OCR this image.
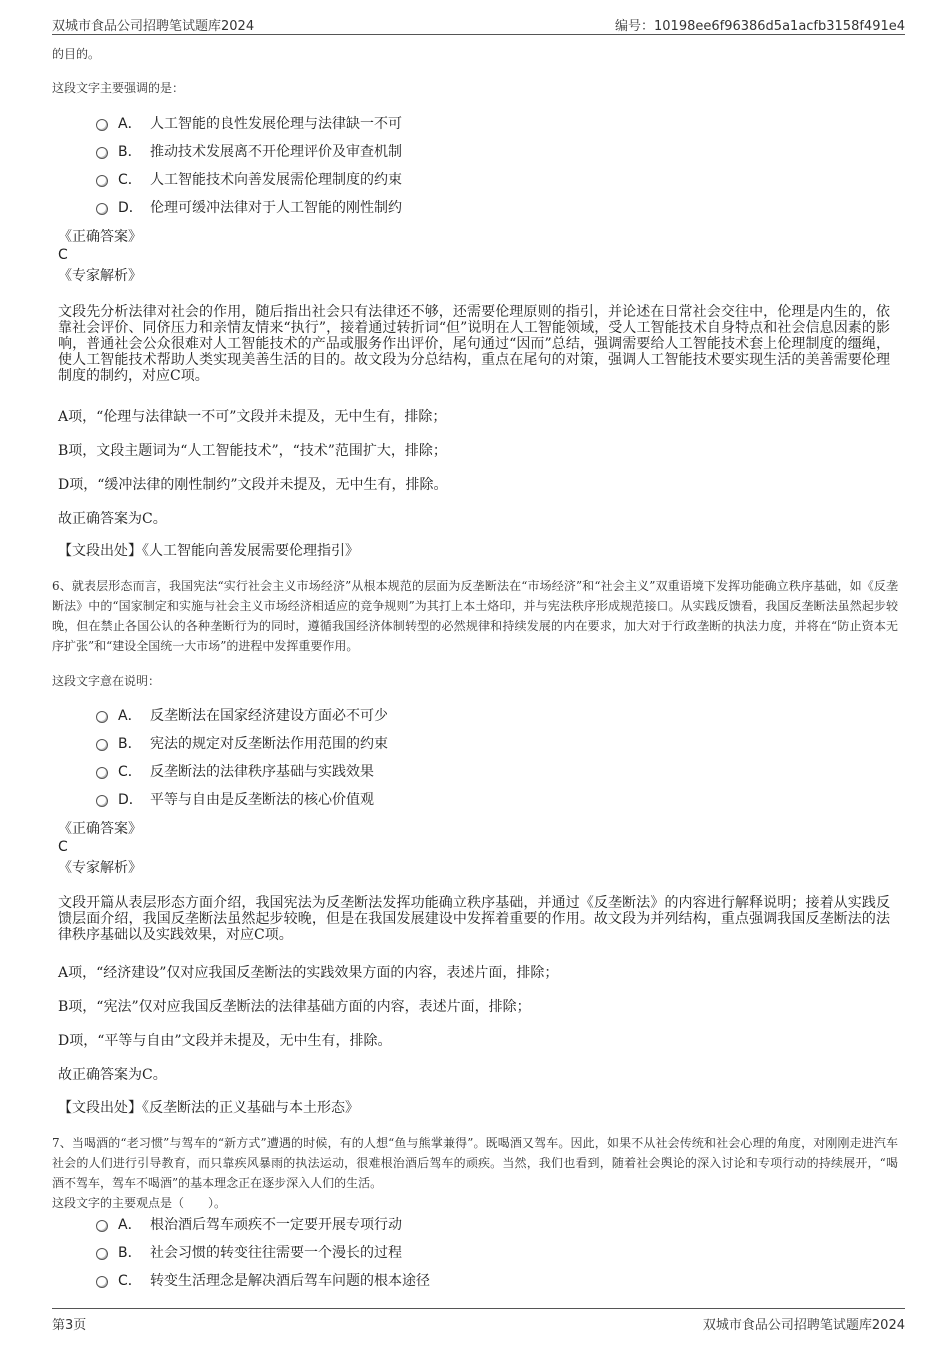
双城市食品公司招聘笔试题库2024	编号：10198ee6f96386d5a1acfb3158f491e4
的目的。
这段文字主要强调的是：
A． 人工智能的良性发展伦理与法律缺一不可
B． 推动技术发展离不开伦理评价及审查机制
C． 人工智能技术向善发展需伦理制度的约束
D． 伦理可缓冲法律对于人工智能的刚性制约
《正确答案》
C
《专家解析》
文段先分析法律对社会的作用，随后指出社会只有法律还不够，还需要伦理原则的指引，并论述在日常社会交往中，伦理是内生的，依靠社会评价、同侪压力和亲情友情来“执行”，接着通过转折词“但”说明在人工智能领域，受人工智能技术自身特点和社会信息因素的影响，普通社会公众很难对人工智能技术的产品或服务作出评价，尾句通过“因而”总结，强调需要给人工智能技术套上伦理制度的缰绳，使人工智能技术帮助人类实现美善生活的目的。故文段为分总结构，重点在尾句的对策，强调人工智能技术要实现生活的美善需要伦理制度的制约，对应C项。
A项，“伦理与法律缺一不可”文段并未提及，无中生有，排除；
B项，文段主题词为“人工智能技术”，“技术”范围扩大，排除；
D项，“缓冲法律的刚性制约”文段并未提及，无中生有，排除。
故正确答案为C。
【文段出处】《人工智能向善发展需要伦理指引》
6、就表层形态而言，我国宪法“实行社会主义市场经济”从根本规范的层面为反垄断法在“市场经济”和“社会主义”双重语境下发挥功能确立秩序基础，如《反垄断法》中的“国家制定和实施与社会主义市场经济相适应的竞争规则”为其打上本土烙印，并与宪法秩序形成规范接口。从实践反馈看，我国反垄断法虽然起步较晚，但在禁止各国公认的各种垄断行为的同时，遵循我国经济体制转型的必然规律和持续发展的内在要求，加大对于行政垄断的执法力度，并将在“防止资本无序扩张”和“建设全国统一大市场”的进程中发挥重要作用。
这段文字意在说明：
A． 反垄断法在国家经济建设方面必不可少
B． 宪法的规定对反垄断法作用范围的约束
C． 反垄断法的法律秩序基础与实践效果
D． 平等与自由是反垄断法的核心价值观
《正确答案》
C
《专家解析》
文段开篇从表层形态方面介绍，我国宪法为反垄断法发挥功能确立秩序基础，并通过《反垄断法》的内容进行解释说明；接着从实践反馈层面介绍，我国反垄断法虽然起步较晚，但是在我国发展建设中发挥着重要的作用。故文段为并列结构，重点强调我国反垄断法的法律秩序基础以及实践效果，对应C项。
A项，“经济建设”仅对应我国反垄断法的实践效果方面的内容，表述片面，排除；
B项，“宪法”仅对应我国反垄断法的法律基础方面的内容，表述片面，排除；
D项，“平等与自由”文段并未提及，无中生有，排除。
故正确答案为C。
【文段出处】《反垄断法的正义基础与本土形态》
7、当喝酒的“老习惯”与驾车的“新方式”遭遇的时候，有的人想“鱼与熊掌兼得”。既喝酒又驾车。因此，如果不从社会传统和社会心理的角度，对刚刚走进汽车社会的人们进行引导教育，而只靠疾风暴雨的执法运动，很难根治酒后驾车的顽疾。当然，我们也看到，随着社会舆论的深入讨论和专项行动的持续展开，“喝酒不驾车，驾车不喝酒”的基本理念正在逐步深入人们的生活。
这段文字的主要观点是（　　）。
A． 根治酒后驾车顽疾不一定要开展专项行动
B． 社会习惯的转变往往需要一个漫长的过程
C． 转变生活理念是解决酒后驾车问题的根本途径
第3页	双城市食品公司招聘笔试题库2024
